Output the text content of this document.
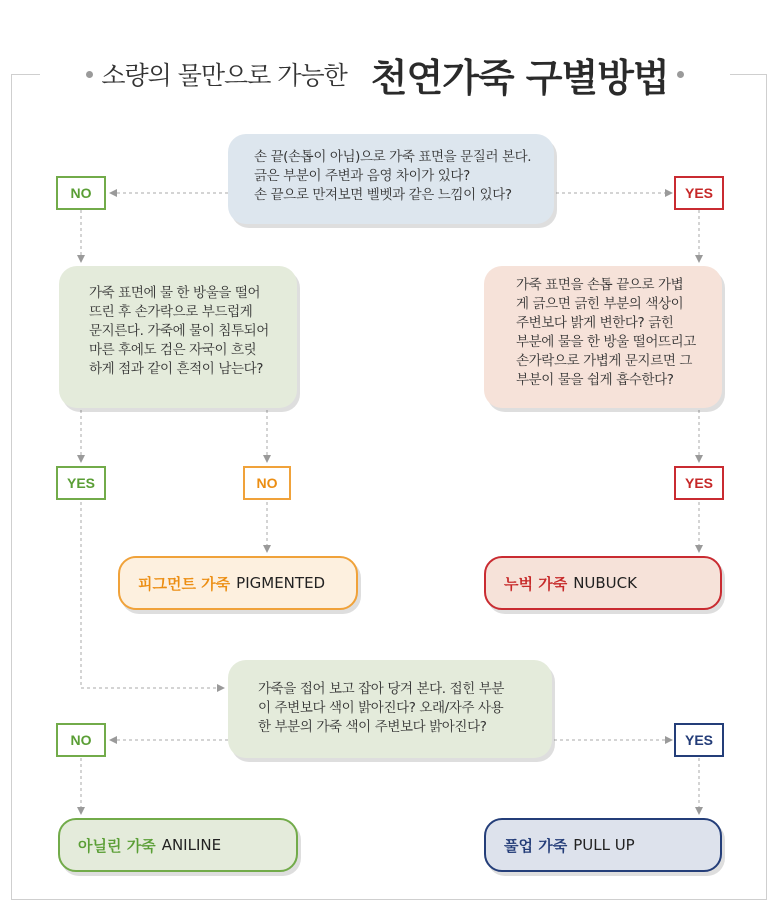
소량의 물만으로 가능한 천연가죽 구별방법

손 끝(손톱이 아님)으로 가죽 표면을 문질러 본다.

긁은 부분이 주변과 음영 차이가 있다?

손 끝으로 만져보면 벨벳과 같은 느낌이 있다?

가죽 표면에 물 한 방울을 떨어

뜨린 후 손가락으로 부드럽게

문지른다. 가죽에 물이 침투되어

마른 후에도 검은 자국이 흐릿

하게 점과 같이 흔적이 남는다?

가죽 표면을 손톱 끝으로 가볍

게 긁으면 긁힌 부분의 색상이

주변보다 밝게 변한다? 긁힌

부분에 물을 한 방울 떨어뜨리고

손가락으로 가볍게 문지르면 그

부분이 물을 쉽게 흡수한다?

가죽을 접어 보고 잡아 당겨 본다. 접힌 부분

이 주변보다 색이 밝아진다? 오래/자주 사용

한 부분의 가죽 색이 주변보다 밝아진다?

NO	YES
YES	NO	YES
NO	YES
피그먼트 가죽 PIGMENTED	누벅 가죽 NUBUCK
아닐린 가죽 ANILINE	풀업 가죽 PULL UP
